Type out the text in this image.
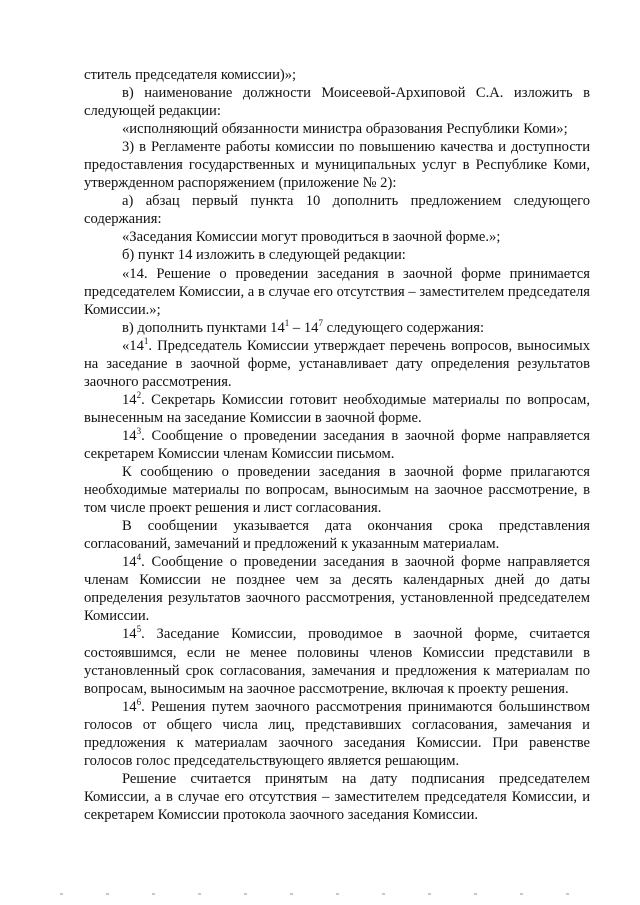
ститель председателя комиссии)»;

в) наименование должности Моисеевой-Архиповой С.А. изложить в следующей редакции:

«исполняющий обязанности министра образования Республики Коми»;

3) в Регламенте работы комиссии по повышению качества и доступности предоставления государственных и муниципальных услуг в Республике Коми, утвержденном распоряжением (приложение № 2):

а) абзац первый пункта 10 дополнить предложением следующего содержания:

«Заседания Комиссии могут проводиться в заочной форме.»;

б) пункт 14 изложить в следующей редакции:

«14. Решение о проведении заседания в заочной форме принимается председателем Комиссии, а в случае его отсутствия – заместителем председателя Комиссии.»;

в) дополнить пунктами $14^1 - 14^7$ следующего содержания:

«$14^1$. Председатель Комиссии утверждает перечень вопросов, выносимых на заседание в заочной форме, устанавливает дату определения результатов заочного рассмотрения.

$14^2$. Секретарь Комиссии готовит необходимые материалы по вопросам, вынесенным на заседание Комиссии в заочной форме.

$14^3$. Сообщение о проведении заседания в заочной форме направляется секретарем Комиссии членам Комиссии письмом.

К сообщению о проведении заседания в заочной форме прилагаются необходимые материалы по вопросам, выносимым на заочное рассмотрение, в том числе проект решения и лист согласования.

В сообщении указывается дата окончания срока представления согласований, замечаний и предложений к указанным материалам.

$14^4$. Сообщение о проведении заседания в заочной форме направляется членам Комиссии не позднее чем за десять календарных дней до даты определения результатов заочного рассмотрения, установленной председателем Комиссии.

$14^5$. Заседание Комиссии, проводимое в заочной форме, считается состоявшимся, если не менее половины членов Комиссии представили в установленный срок согласования, замечания и предложения к материалам по вопросам, выносимым на заочное рассмотрение, включая к проекту решения.

$14^6$. Решения путем заочного рассмотрения принимаются большинством голосов от общего числа лиц, представивших согласования, замечания и предложения к материалам заочного заседания Комиссии. При равенстве голосов голос председательствующего является решающим.

Решение считается принятым на дату подписания председателем Комиссии, а в случае его отсутствия – заместителем председателя Комиссии, и секретарем Комиссии протокола заочного заседания Комиссии.
